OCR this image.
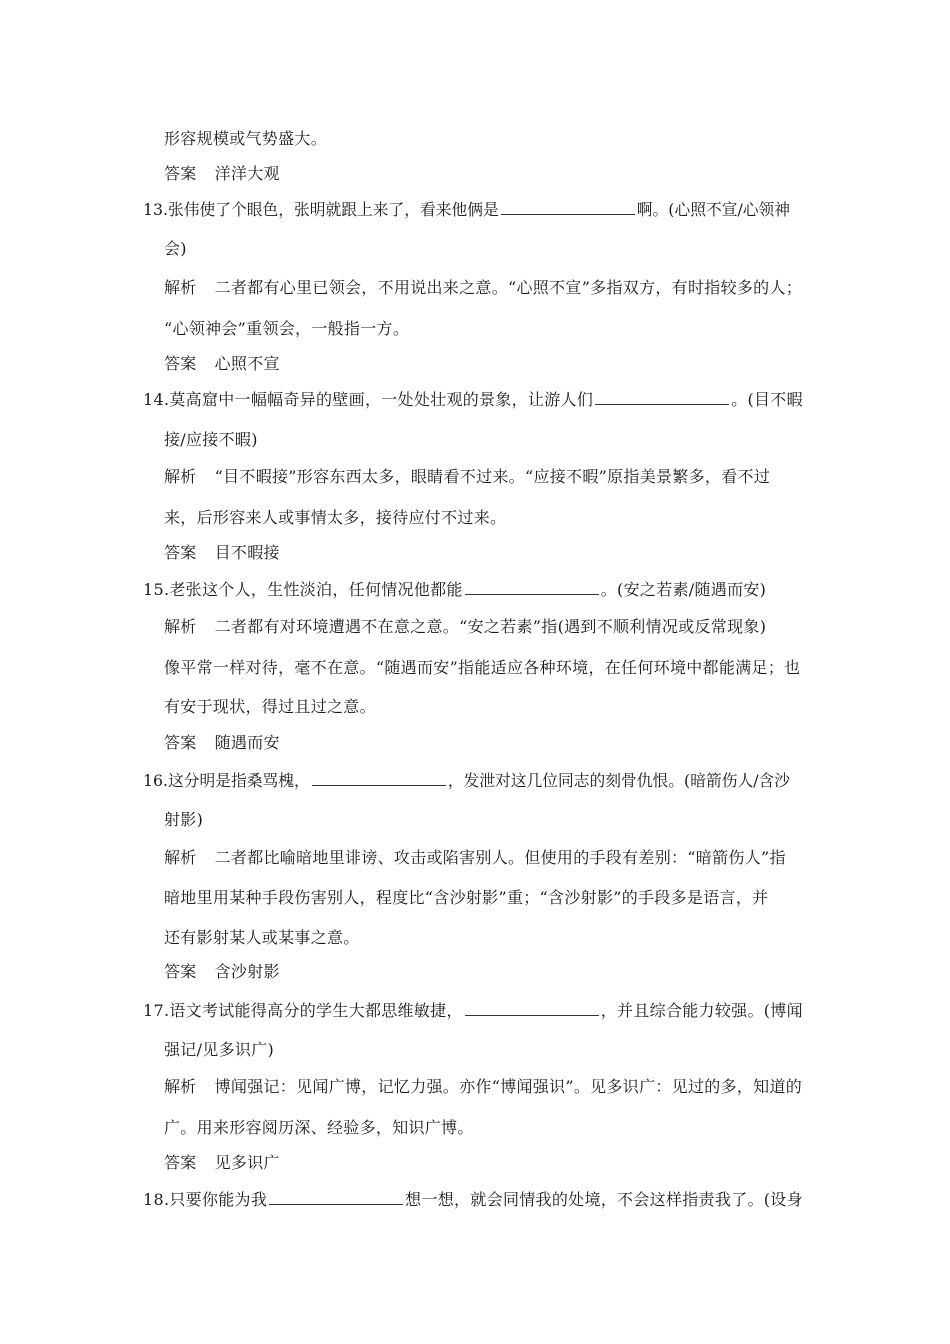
形容规模或气势盛大。
答案 洋洋大观
13.张伟使了个眼色，张明就跟上来了，看来他俩是	啊。(心照不宣/心领神
会)
解析 二者都有心里已领会，不用说出来之意。“心照不宣”多指双方，有时指较多的人；
“心领神会”重领会，一般指一方。
答案 心照不宣
14.莫高窟中一幅幅奇异的壁画，一处处壮观的景象，让游人们	。(目不暇
接/应接不暇)
解析 “目不暇接”形容东西太多，眼睛看不过来。“应接不暇”原指美景繁多，看不过
来，后形容来人或事情太多，接待应付不过来。
答案 目不暇接
15.老张这个人，生性淡泊，任何情况他都能	。(安之若素/随遇而安)
解析 二者都有对环境遭遇不在意之意。“安之若素”指(遇到不顺利情况或反常现象)
像平常一样对待，毫不在意。“随遇而安”指能适应各种环境，在任何环境中都能满足；也
有安于现状，得过且过之意。
答案 随遇而安
16.这分明是指桑骂槐，	，发泄对这几位同志的刻骨仇恨。(暗箭伤人/含沙
射影)
解析 二者都比喻暗地里诽谤、攻击或陷害别人。但使用的手段有差别：“暗箭伤人”指
暗地里用某种手段伤害别人，程度比“含沙射影”重；“含沙射影”的手段多是语言，并
还有影射某人或某事之意。
答案 含沙射影
17.语文考试能得高分的学生大都思维敏捷，	，并且综合能力较强。(博闻
强记/见多识广)
解析 博闻强记：见闻广博，记忆力强。亦作“博闻强识”。见多识广：见过的多，知道的
广。用来形容阅历深、经验多，知识广博。
答案 见多识广
18.只要你能为我	想一想，就会同情我的处境，不会这样指责我了。(设身
